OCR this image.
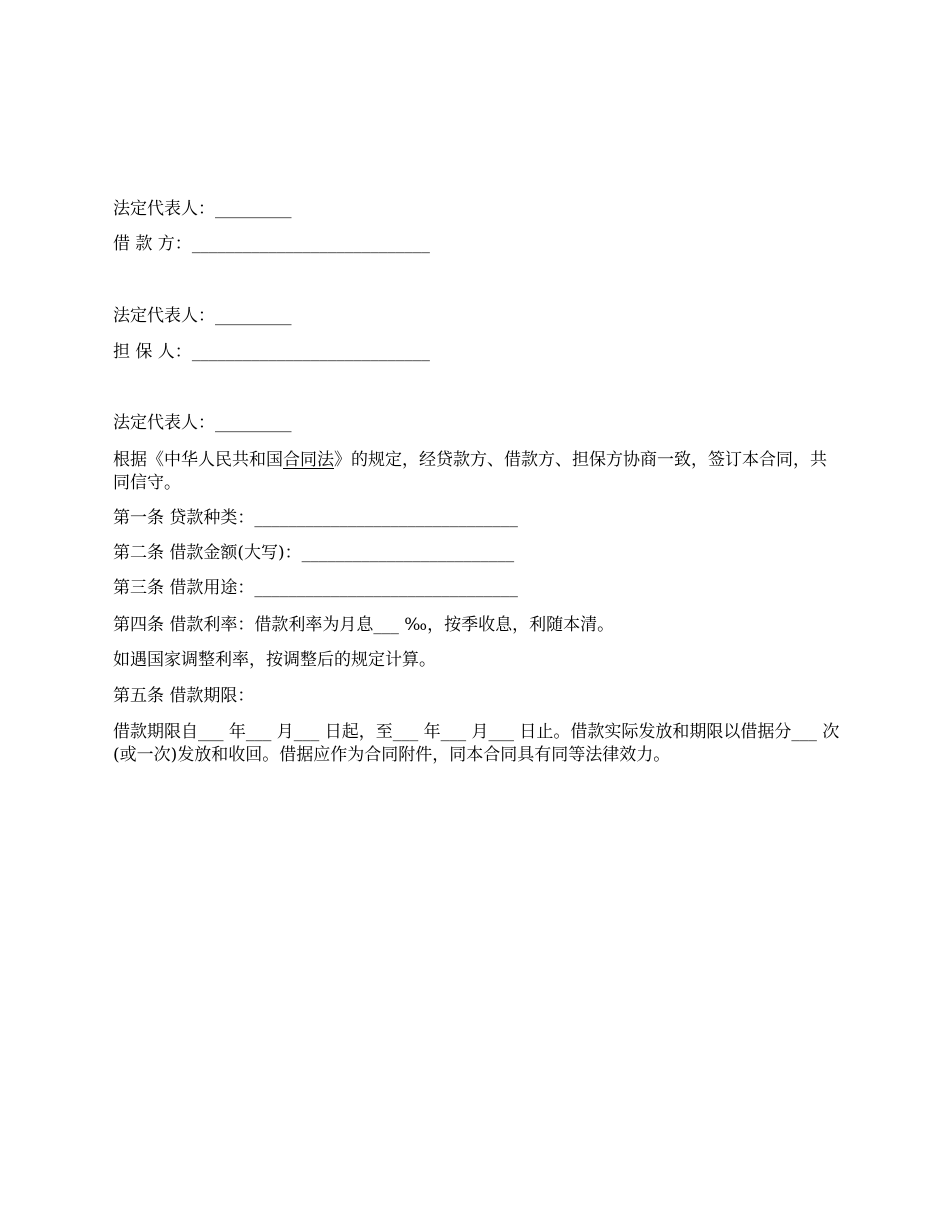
法定代表人：_________
借 款 方：____________________________
法定代表人：_________
担 保 人：____________________________
法定代表人：_________
根据《中华人民共和国合同法》的规定，经贷款方、借款方、担保方协商一致，签订本合同，共同信守。
第一条 贷款种类：_______________________________
第二条 借款金额(大写)：_________________________
第三条 借款用途：_______________________________
第四条 借款利率：借款利率为月息___ ‰，按季收息，利随本清。
如遇国家调整利率，按调整后的规定计算。
第五条 借款期限：
借款期限自___ 年___ 月___ 日起，至___ 年___ 月___ 日止。借款实际发放和期限以借据分___ 次(或一次)发放和收回。借据应作为合同附件，同本合同具有同等法律效力。
